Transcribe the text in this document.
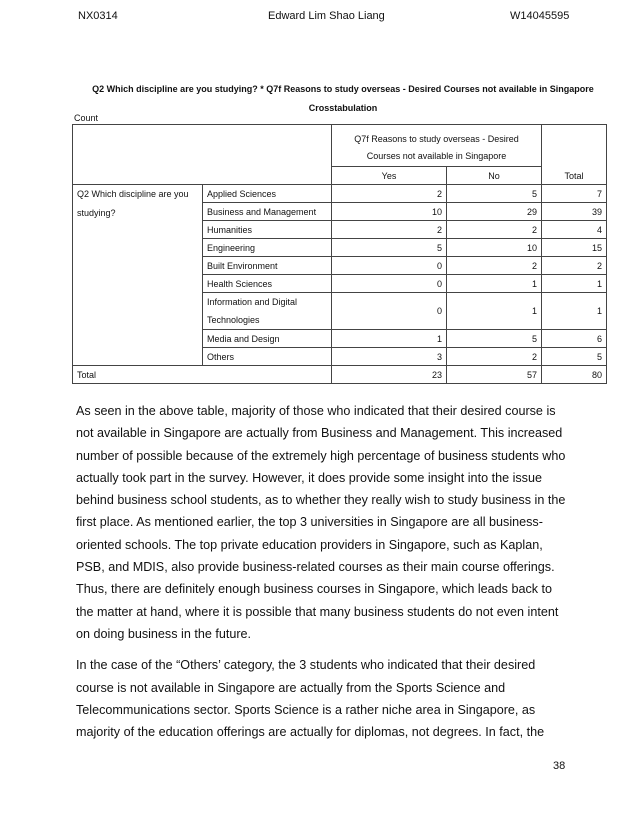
NX0314	Edward Lim Shao Liang	W14045595
Q2 Which discipline are you studying? * Q7f Reasons to study overseas - Desired Courses not available in Singapore
Crosstabulation
Count

		Q7f Reasons to study overseas - Desired
Courses not available in Singapore		Total
		Yes	No	

Q2 Which discipline are you
studying?	Applied Sciences	2	5	7
	Business and Management	10	29	39
	Humanities	2	2	4
	Engineering	5	10	15
	Built Environment	0	2	2
	Health Sciences	0	1	1

	Information and Digital
Technologies	0	1	1
	Media and Design	1	5	6
	Others	3	2	5
Total		23	57	80

As seen in the above table, majority of those who indicated that their desired course is not available in Singapore are actually from Business and Management. This increased number of possible because of the extremely high percentage of business students who actually took part in the survey. However, it does provide some insight into the issue behind business school students, as to whether they really wish to study business in the first place. As mentioned earlier, the top 3 universities in Singapore are all business-oriented schools. The top private education providers in Singapore, such as Kaplan, PSB, and MDIS, also provide business-related courses as their main course offerings. Thus, there are definitely enough business courses in Singapore, which leads back to the matter at hand, where it is possible that many business students do not even intent on doing business in the future.

In the case of the “Others’ category, the 3 students who indicated that their desired course is not available in Singapore are actually from the Sports Science and Telecommunications sector. Sports Science is a rather niche area in Singapore, as majority of the education offerings are actually for diplomas, not degrees. In fact, the

38
